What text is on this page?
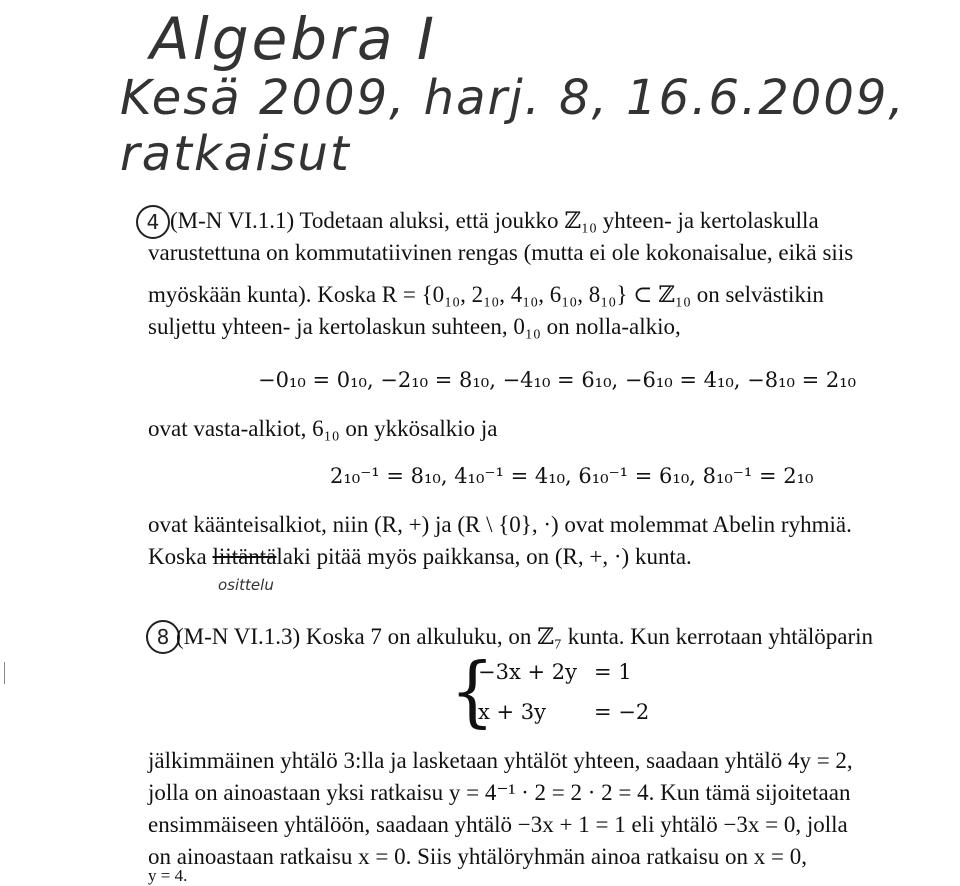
Algebra I
Kesä 2009, harj. 8, 16.6.2009, ratkaisut
4 (M-N VI.1.1) Todetaan aluksi, että joukko ℤ₁₀ yhteen- ja kertolaskulla
varustettuna on kommutatiivinen rengas (mutta ei ole kokonaisalue, eikä siis
myöskään kunta). Koska R = {0₁₀, 2₁₀, 4₁₀, 6₁₀, 8₁₀} ⊂ ℤ₁₀ on selvästikin
suljettu yhteen- ja kertolaskun suhteen, 0₁₀ on nolla-alkio,
−0₁₀ = 0₁₀, −2₁₀ = 8₁₀, −4₁₀ = 6₁₀, −6₁₀ = 4₁₀, −8₁₀ = 2₁₀
ovat vasta-alkiot, 6₁₀ on ykkösalkio ja
2₁₀⁻¹ = 8₁₀, 4₁₀⁻¹ = 4₁₀, 6₁₀⁻¹ = 6₁₀, 8₁₀⁻¹ = 2₁₀
ovat käänteisalkiot, niin (R, +) ja (R \ {0}, ·) ovat molemmat Abelin ryhmiä.
Koska liitäntälaki pitää myös paikkansa, on (R, +, ·) kunta.
osittelu
8 (M-N VI.1.3) Koska 7 on alkuluku, on ℤ₇ kunta. Kun kerrotaan yhtälöparin
{
−3x + 2y = 1
x + 3y = −2
jälkimmäinen yhtälö 3:lla ja lasketaan yhtälöt yhteen, saadaan yhtälö 4y = 2,
jolla on ainoastaan yksi ratkaisu y = 4⁻¹ · 2 = 2 · 2 = 4. Kun tämä sijoitetaan
ensimmäiseen yhtälöön, saadaan yhtälö −3x + 1 = 1 eli yhtälö −3x = 0, jolla
on ainoastaan ratkaisu x = 0. Siis yhtälöryhmän ainoa ratkaisu on x = 0,
y = 4.
